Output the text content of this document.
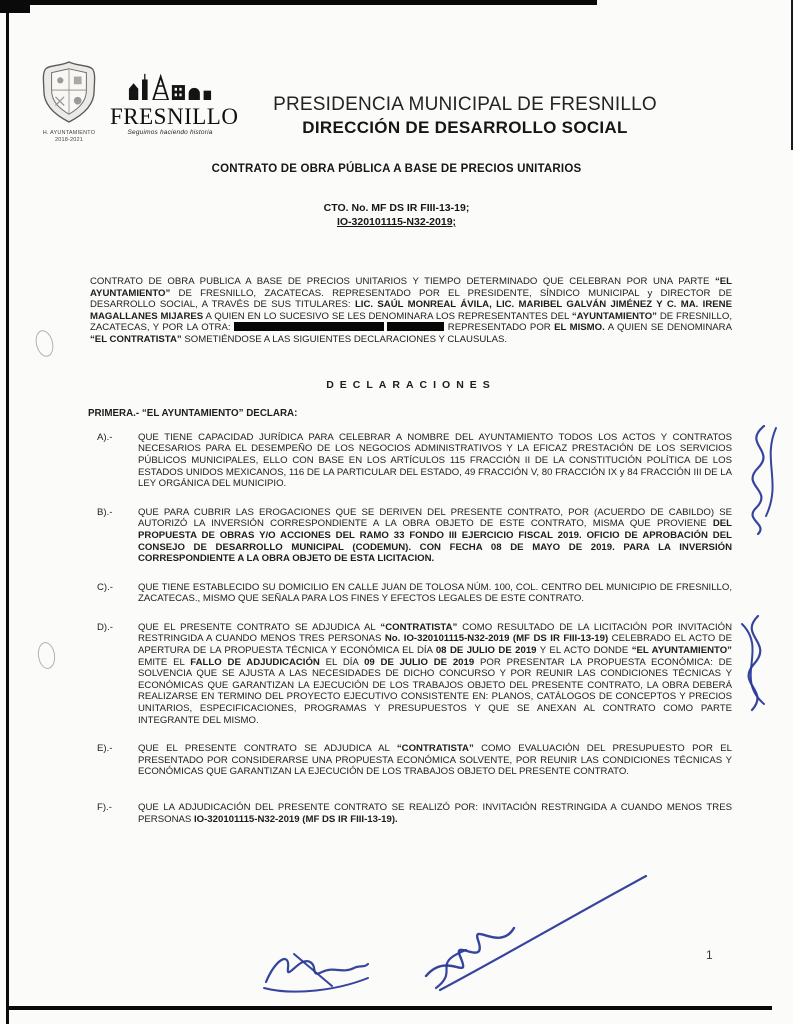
H. AYUNTAMIENTO
2018-2021
FRESNILLO
Seguimos haciendo historia
PRESIDENCIA MUNICIPAL DE FRESNILLO
DIRECCIÓN DE DESARROLLO SOCIAL
CONTRATO DE OBRA PÚBLICA A BASE DE PRECIOS UNITARIOS
CTO. No. MF DS IR FIII-13-19;
IO-320101115-N32-2019;

CONTRATO DE OBRA PUBLICA A BASE DE PRECIOS UNITARIOS Y TIEMPO DETERMINADO QUE CELEBRAN POR UNA PARTE “EL AYUNTAMIENTO” DE FRESNILLO, ZACATECAS. REPRESENTADO POR EL PRESIDENTE, SÍNDICO MUNICIPAL y DIRECTOR DE DESARROLLO SOCIAL, A TRAVÉS DE SUS TITULARES: LIC. SAÚL MONREAL ÁVILA, LIC. MARIBEL GALVÁN JIMÉNEZ Y C. MA. IRENE MAGALLANES MIJARES A QUIEN EN LO SUCESIVO SE LES DENOMINARA LOS REPRESENTANTES DEL “AYUNTAMIENTO” DE FRESNILLO, ZACATECAS, Y POR LA OTRA:	REPRESENTADO POR EL MISMO. A QUIEN SE DENOMINARA “EL CONTRATISTA” SOMETIÉNDOSE A LAS SIGUIENTES DECLARACIONES Y CLAUSULAS.

DECLARACIONES
PRIMERA.- “EL AYUNTAMIENTO” DECLARA:
A).-	QUE TIENE CAPACIDAD JURÍDICA PARA CELEBRAR A NOMBRE DEL AYUNTAMIENTO TODOS LOS ACTOS Y CONTRATOS NECESARIOS PARA EL DESEMPEÑO DE LOS NEGOCIOS ADMINISTRATIVOS Y LA EFICAZ PRESTACIÓN DE LOS SERVICIOS PÚBLICOS MUNICIPALES, ELLO CON BASE EN LOS ARTÍCULOS 115 FRACCIÓN II DE LA CONSTITUCIÓN POLÍTICA DE LOS ESTADOS UNIDOS MEXICANOS, 116 DE LA PARTICULAR DEL ESTADO, 49 FRACCIÓN V, 80 FRACCIÓN IX y 84 FRACCIÓN III DE LA LEY ORGÁNICA DEL MUNICIPIO.

B).-	QUE PARA CUBRIR LAS EROGACIONES QUE SE DERIVEN DEL PRESENTE CONTRATO, POR (ACUERDO DE CABILDO) SE AUTORIZÓ LA INVERSIÓN CORRESPONDIENTE A LA OBRA OBJETO DE ESTE CONTRATO, MISMA QUE PROVIENE DEL PROPUESTA DE OBRAS Y/O ACCIONES DEL RAMO 33 FONDO III EJERCICIO FISCAL 2019. OFICIO DE APROBACIÓN DEL CONSEJO DE DESARROLLO MUNICIPAL (CODEMUN). CON FECHA 08 DE MAYO DE 2019. PARA LA INVERSIÓN CORRESPONDIENTE A LA OBRA OBJETO DE ESTA LICITACION.

C).-	QUE TIENE ESTABLECIDO SU DOMICILIO EN CALLE JUAN DE TOLOSA NÚM. 100, COL. CENTRO DEL MUNICIPIO DE FRESNILLO, ZACATECAS., MISMO QUE SEÑALA PARA LOS FINES Y EFECTOS LEGALES DE ESTE CONTRATO.

D).-	QUE EL PRESENTE CONTRATO SE ADJUDICA AL “CONTRATISTA” COMO RESULTADO DE LA LICITACIÓN POR INVITACIÓN RESTRINGIDA A CUANDO MENOS TRES PERSONAS No. IO-320101115-N32-2019 (MF DS IR FIII-13-19) CELEBRADO EL ACTO DE APERTURA DE LA PROPUESTA TÉCNICA Y ECONÓMICA EL DÍA 08 DE JULIO DE 2019 Y EL ACTO DONDE “EL AYUNTAMIENTO” EMITE EL FALLO DE ADJUDICACIÓN EL DÍA 09 DE JULIO DE 2019 POR PRESENTAR LA PROPUESTA ECONÓMICA: DE SOLVENCIA QUE SE AJUSTA A LAS NECESIDADES DE DICHO CONCURSO Y POR REUNIR LAS CONDICIONES TÉCNICAS Y ECONÓMICAS QUE GARANTIZAN LA EJECUCIÓN DE LOS TRABAJOS OBJETO DEL PRESENTE CONTRATO, LA OBRA DEBERÁ REALIZARSE EN TERMINO DEL PROYECTO EJECUTIVO CONSISTENTE EN: PLANOS, CATÁLOGOS DE CONCEPTOS Y PRECIOS UNITARIOS, ESPECIFICACIONES, PROGRAMAS Y PRESUPUESTOS Y QUE SE ANEXAN AL CONTRATO COMO PARTE INTEGRANTE DEL MISMO.

E).-	QUE EL PRESENTE CONTRATO SE ADJUDICA AL “CONTRATISTA” COMO EVALUACIÓN DEL PRESUPUESTO POR EL PRESENTADO POR CONSIDERARSE UNA PROPUESTA ECONÓMICA SOLVENTE, POR REUNIR LAS CONDICIONES TÉCNICAS Y ECONÓMICAS QUE GARANTIZAN LA EJECUCIÓN DE LOS TRABAJOS OBJETO DEL PRESENTE CONTRATO.

F).-	QUE LA ADJUDICACIÓN DEL PRESENTE CONTRATO SE REALIZÓ POR: INVITACIÓN RESTRINGIDA A CUANDO MENOS TRES PERSONAS IO-320101115-N32-2019 (MF DS IR FIII-13-19).

1
